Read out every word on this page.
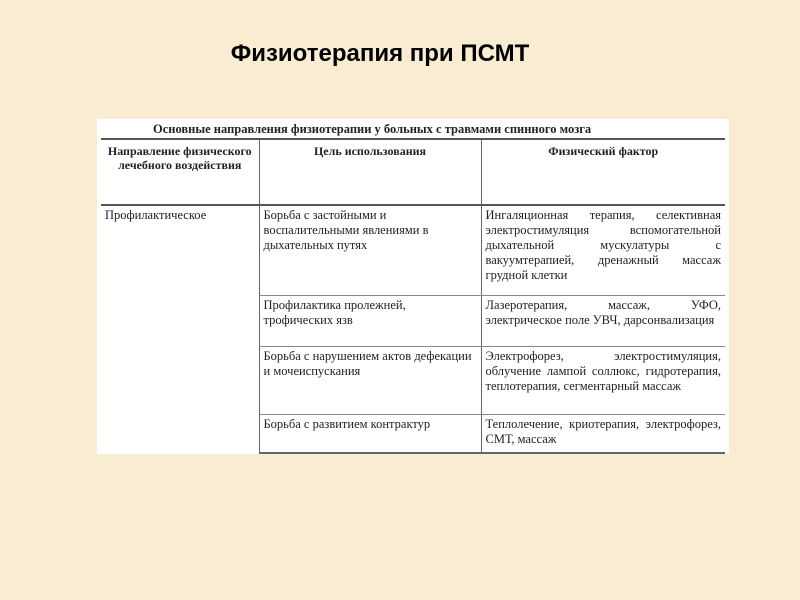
Физиотерапия при ПСМТ
Основные направления физиотерапии у больных с травмами спинного мозга
Направление физического лечебного воздействия	Цель использования	Физический фактор
Профилактическое	Борьба с застойными и воспалительными явлениями в дыхательных путях	Ингаляционная терапия, селективная электростимуляция вспомогательной дыхательной мускулатуры с вакуумтерапией, дренажный массаж грудной клетки
	Профилактика пролежней, трофических язв	Лазеротерапия, массаж, УФО, электрическое поле УВЧ, дарсонвализация
	Борьба с нарушением актов дефекации и мочеиспускания	Электрофорез, электростимуляция, облучение лампой соллюкс, гидротерапия, теплотерапия, сегментарный массаж
	Борьба с развитием контрактур	Теплолечение, криотерапия, электрофорез, СМТ, массаж
